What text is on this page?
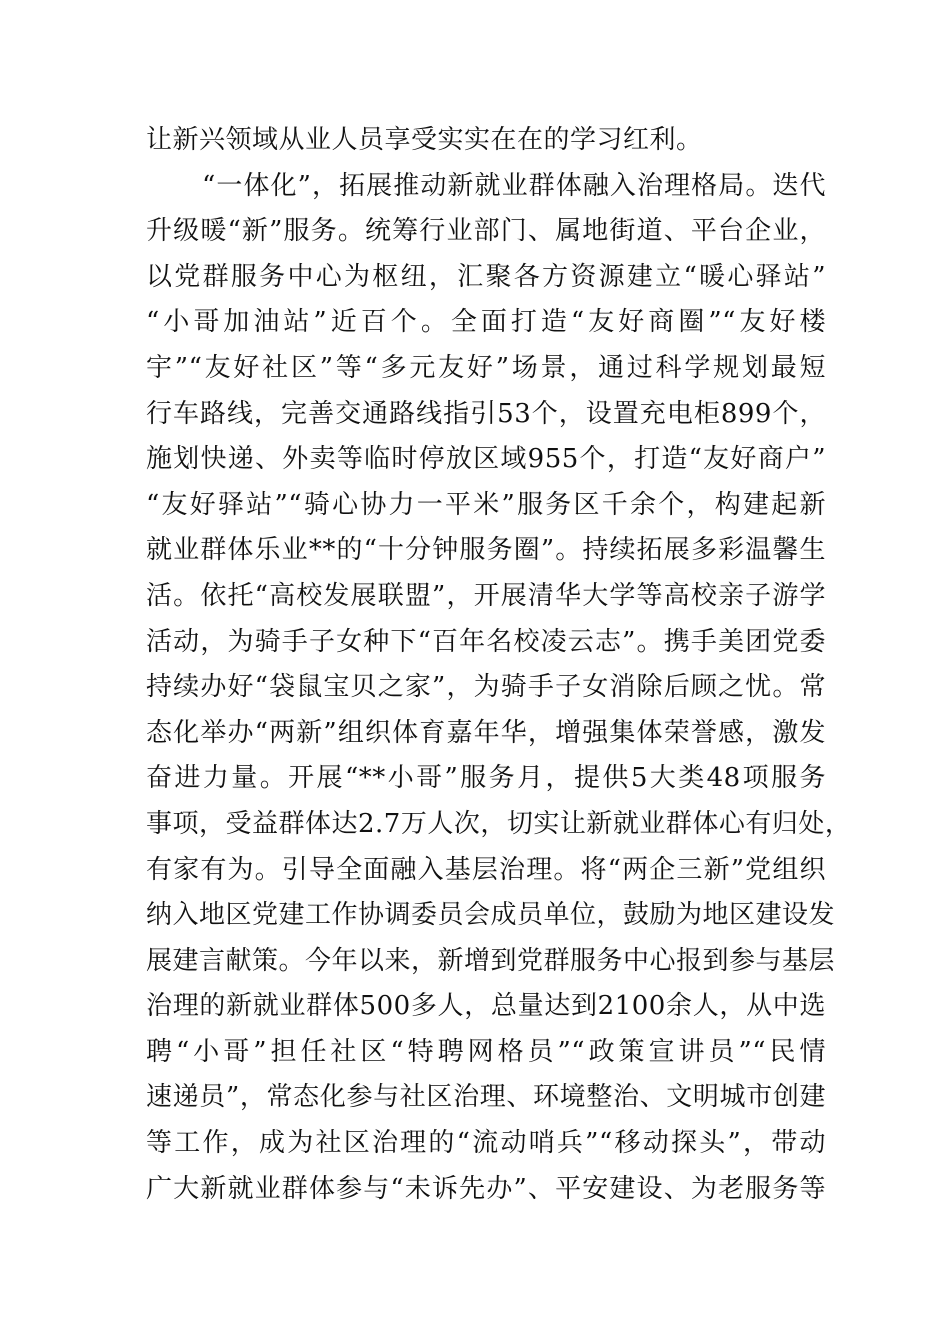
让新兴领域从业人员享受实实在在的学习红利。
“一体化”，拓展推动新就业群体融入治理格局。迭代
升级暖“新”服务。统筹行业部门、属地街道、平台企业，
以党群服务中心为枢纽，汇聚各方资源建立“暖心驿站”
“小哥加油站”近百个。全面打造“友好商圈”“友好楼
宇”“友好社区”等“多元友好”场景，通过科学规划最短
行车路线，完善交通路线指引53个，设置充电柜899个，
施划快递、外卖等临时停放区域955个，打造“友好商户”
“友好驿站”“骑心协力一平米”服务区千余个，构建起新
就业群体乐业**的“十分钟服务圈”。持续拓展多彩温馨生
活。依托“高校发展联盟”，开展清华大学等高校亲子游学
活动，为骑手子女种下“百年名校凌云志”。携手美团党委
持续办好“袋鼠宝贝之家”，为骑手子女消除后顾之忧。常
态化举办“两新”组织体育嘉年华，增强集体荣誉感，激发
奋进力量。开展“**小哥”服务月，提供5大类48项服务
事项，受益群体达2.7万人次，切实让新就业群体心有归处，
有家有为。引导全面融入基层治理。将“两企三新”党组织
纳入地区党建工作协调委员会成员单位，鼓励为地区建设发
展建言献策。今年以来，新增到党群服务中心报到参与基层
治理的新就业群体500多人，总量达到2100余人，从中选
聘“小哥”担任社区“特聘网格员”“政策宣讲员”“民情
速递员”，常态化参与社区治理、环境整治、文明城市创建
等工作，成为社区治理的“流动哨兵”“移动探头”，带动
广大新就业群体参与“未诉先办”、平安建设、为老服务等
